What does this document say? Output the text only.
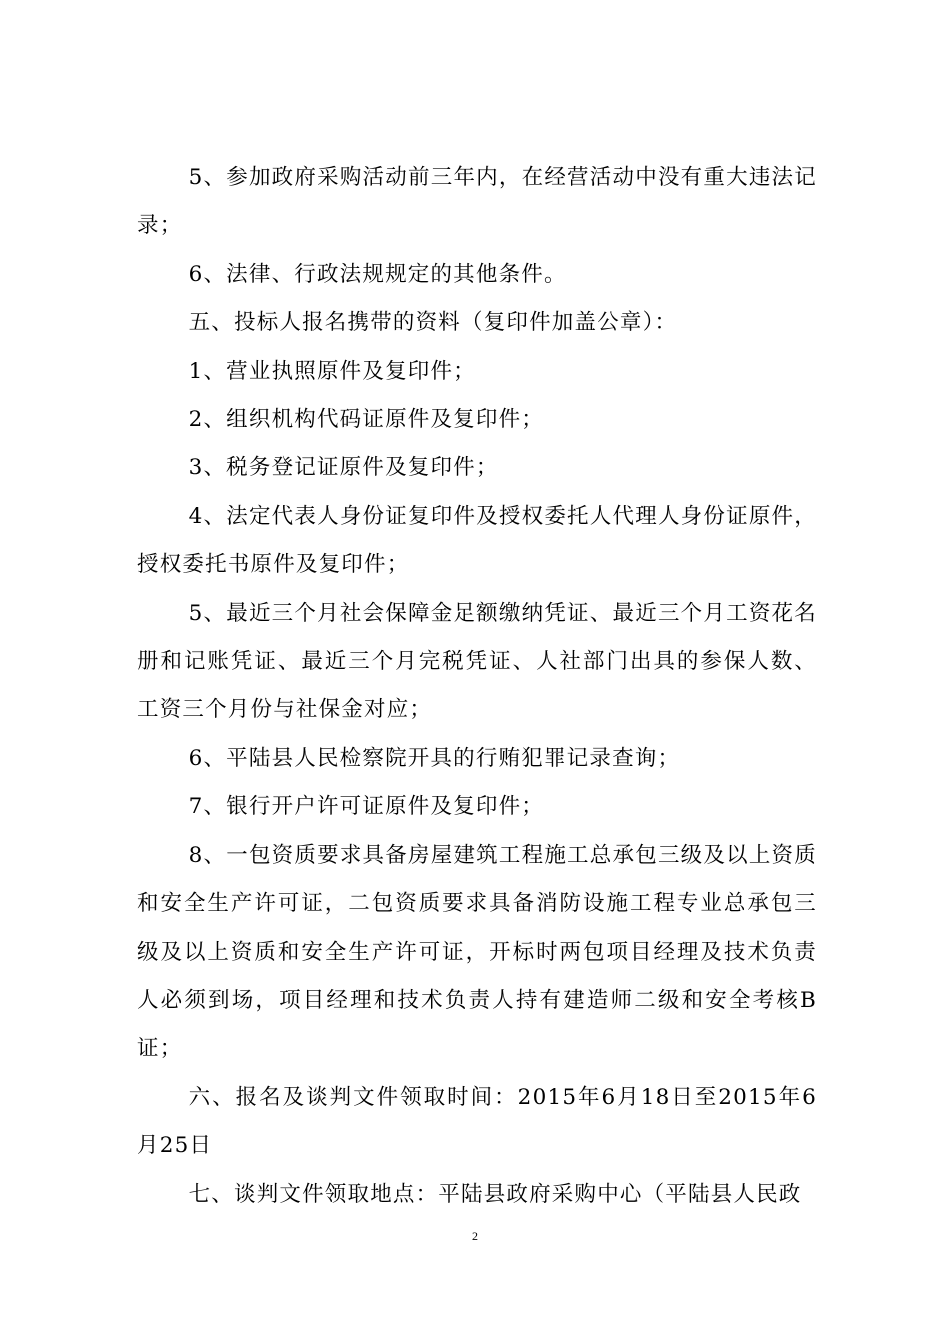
5、参加政府采购活动前三年内，在经营活动中没有重大违法记录；

6、法律、行政法规规定的其他条件。

五、投标人报名携带的资料（复印件加盖公章）：

1、营业执照原件及复印件；

2、组织机构代码证原件及复印件；

3、税务登记证原件及复印件；

4、法定代表人身份证复印件及授权委托人代理人身份证原件，授权委托书原件及复印件；

5、最近三个月社会保障金足额缴纳凭证、最近三个月工资花名册和记账凭证、最近三个月完税凭证、人社部门出具的参保人数、工资三个月份与社保金对应；

6、平陆县人民检察院开具的行贿犯罪记录查询；

7、银行开户许可证原件及复印件；

8、一包资质要求具备房屋建筑工程施工总承包三级及以上资质和安全生产许可证，二包资质要求具备消防设施工程专业总承包三级及以上资质和安全生产许可证，开标时两包项目经理及技术负责人必须到场，项目经理和技术负责人持有建造师二级和安全考核B证；

六、报名及谈判文件领取时间：2015年6月18日至2015年6月25日

七、谈判文件领取地点：平陆县政府采购中心（平陆县人民政

2
